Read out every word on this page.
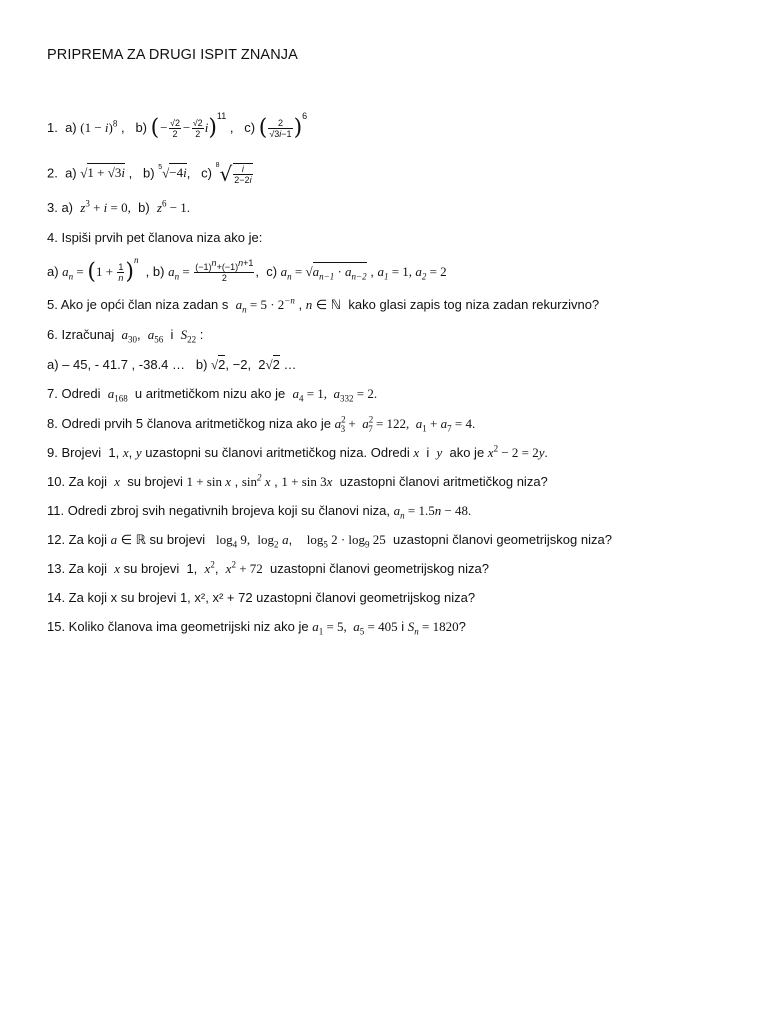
PRIPREMA ZA DRUGI ISPIT ZNANJA
1.  a) $(1 - i)^8$ ,   b) (− $\frac{√2}{2} - \frac{√2}{2} i)^{11}$ ,   c) ( $\frac{2}{√3i-1} )^6$
2.  a) √1 + √3i ,   b) $^5$√−4i,   c) $^8√ \frac{i}{2-2i}$
3. a)  $z^3 + i = 0$,  b)  $z^6 - 1$.
4. Ispiši prvih pet članova niza ako je:
a) $a_n = (1 + \frac{1}{n} )^n$  , b) $a_n = \frac{(-1)^n+(-1)^{n+1}}{2}$ ,  c) $a_n = √a_{n-1} \cdot a_{n-2}$ , $a_1 = 1$, $a_2 = 2$
5. Ako je opći član niza zadan s  $a_n = 5 \cdot 2^{-n}$ , n ∈ ℕ  kako glasi zapis tog niza zadan rekurzivno?
6. Izračunaj  $a_{30}$,  $a_{56}$  i  $S_{22}$ :
a) – 45, - 41.7 , -38.4 …   b) √2, −2,  2√2 …
7. Odredi  $a_{168}$  u aritmetičkom nizu ako je  $a_4 = 1$,  $a_{332} = 2$.
8. Odredi prvih 5 članova aritmetičkog niza ako je $a^2_3 + a^2_7 = 122$,  $a_1 + a_7 = 4$.
9. Brojevi  1, x, y uzastopni su članovi aritmetičkog niza. Odredi x  i  y  ako je $x^2 - 2 = 2y$.
10. Za koji  x  su brojevi 1 + sin x , $\sin^2 x$ , 1 + sin 3x  uzastopni članovi aritmetičkog niza?
11. Odredi zbroj svih negativnih brojeva koji su članovi niza, $a_n = 1.5n - 48$.
12. Za koji a ∈ ℝ su brojevi   $\log_4 9$, $\log_2 a$,    $\log_5 2 \cdot \log_9 25$  uzastopni članovi geometrijskog niza?
13. Za koji  x su brojevi  1,  $x^2$,  $x^2 + 72$  uzastopni članovi geometrijskog niza?
14. Za koji x su brojevi 1, x², x² + 72 uzastopni članovi geometrijskog niza?
15. Koliko članova ima geometrijski niz ako je $a_1 = 5$,  $a_5 = 405$ i $S_n = 1820$?
